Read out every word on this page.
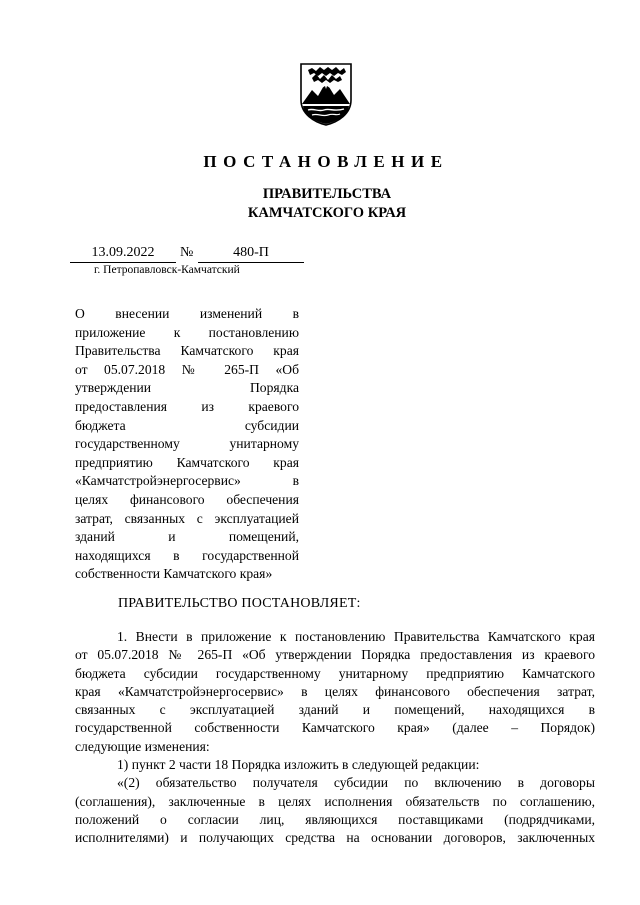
ПОСТАНОВЛЕНИЕ
ПРАВИТЕЛЬСТВА
КАМЧАТСКОГО КРАЯ
13.09.2022	№	480-П
г. Петропавловск-Камчатский
О внесении изменений в
приложение к постановлению
Правительства Камчатского края
от 05.07.2018 № 265-П «Об
утверждении Порядка
предоставления из краевого
бюджета субсидии
государственному унитарному
предприятию Камчатского края
«Камчатстройэнергосервис» в
целях финансового обеспечения
затрат, связанных с эксплуатацией
зданий и помещений,
находящихся в государственной
собственности Камчатского края»
ПРАВИТЕЛЬСТВО ПОСТАНОВЛЯЕТ:
1. Внести в приложение к постановлению Правительства Камчатского края
от 05.07.2018 № 265-П «Об утверждении Порядка предоставления из краевого
бюджета субсидии государственному унитарному предприятию Камчатского
края «Камчатстройэнергосервис» в целях финансового обеспечения затрат,
связанных с эксплуатацией зданий и помещений, находящихся в
государственной собственности Камчатского края» (далее – Порядок)
следующие изменения:
1) пункт 2 части 18 Порядка изложить в следующей редакции:
«(2) обязательство получателя субсидии по включению в договоры
(соглашения), заключенные в целях исполнения обязательств по соглашению,
положений о согласии лиц, являющихся поставщиками (подрядчиками,
исполнителями) и получающих средства на основании договоров, заключенных
